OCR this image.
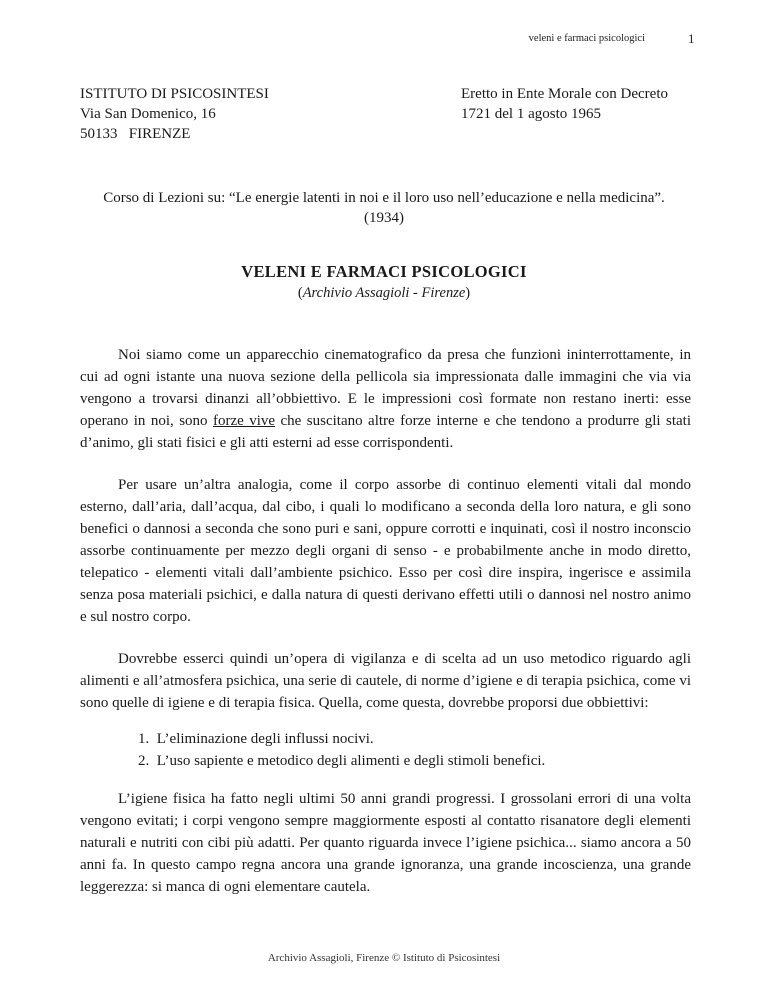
veleni e farmaci psicologici	1
ISTITUTO DI PSICOSINTESI
Via San Domenico, 16
50133   FIRENZE
Eretto in Ente Morale con Decreto
1721 del 1 agosto 1965
Corso di Lezioni su: “Le energie latenti in noi e il loro uso nell’educazione e nella medicina”.
(1934)
VELENI E FARMACI PSICOLOGICI
(Archivio Assagioli - Firenze)

Noi siamo come un apparecchio cinematografico da presa che funzioni ininterrottamente, in cui ad ogni istante una nuova sezione della pellicola sia impressionata dalle immagini che via via vengono a trovarsi dinanzi all’obbiettivo. E le impressioni così formate non restano inerti: esse operano in noi, sono forze vive che suscitano altre forze interne e che tendono a produrre gli stati d’animo, gli stati fisici e gli atti esterni ad esse corrispondenti.

Per usare un’altra analogia, come il corpo assorbe di continuo elementi vitali dal mondo esterno, dall’aria, dall’acqua, dal cibo, i quali lo modificano a seconda della loro natura, e gli sono benefici o dannosi a seconda che sono puri e sani, oppure corrotti e inquinati, così il nostro inconscio assorbe continuamente per mezzo degli organi di senso - e probabilmente anche in modo diretto, telepatico - elementi vitali dall’ambiente psichico. Esso per così dire inspira, ingerisce e assimila senza posa materiali psichici, e dalla natura di questi derivano effetti utili o dannosi nel nostro animo e sul nostro corpo.

Dovrebbe esserci quindi un’opera di vigilanza e di scelta ad un uso metodico riguardo agli alimenti e all’atmosfera psichica, una serie di cautele, di norme d’igiene e di terapia psichica, come vi sono quelle di igiene e di terapia fisica. Quella, come questa, dovrebbe proporsi due obbiettivi:

1.  L’eliminazione degli influssi nocivi.
2.  L’uso sapiente e metodico degli alimenti e degli stimoli benefici.

L’igiene fisica ha fatto negli ultimi 50 anni grandi progressi. I grossolani errori di una volta vengono evitati; i corpi vengono sempre maggiormente esposti al contatto risanatore degli elementi naturali e nutriti con cibi più adatti. Per quanto riguarda invece l’igiene psichica... siamo ancora a 50 anni fa. In questo campo regna ancora una grande ignoranza, una grande incoscienza, una grande leggerezza: si manca di ogni elementare cautela.

Archivio Assagioli, Firenze © Istituto di Psicosintesi
